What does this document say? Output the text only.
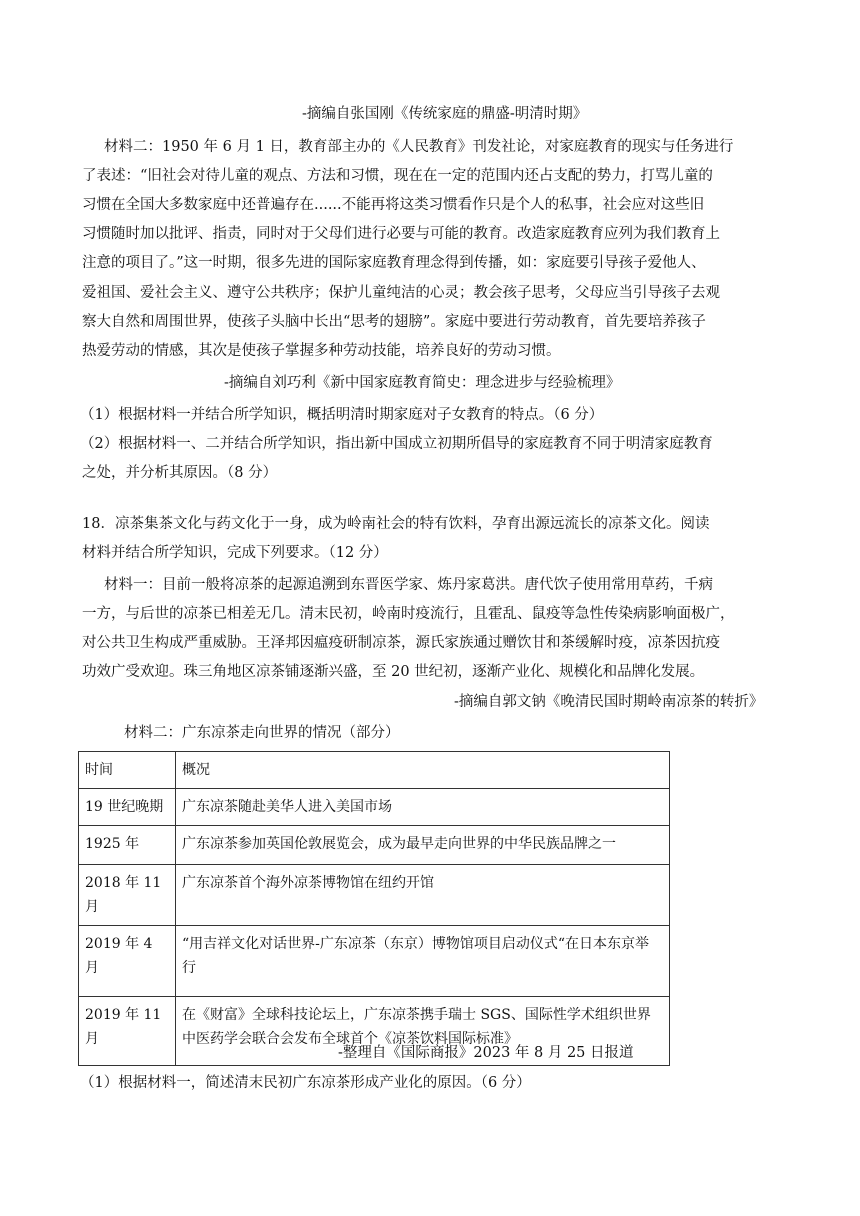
-摘编自张国刚《传统家庭的鼎盛-明清时期》
材料二：1950 年 6 月 1 日，教育部主办的《人民教育》刊发社论，对家庭教育的现实与任务进行
了表述：“旧社会对待儿童的观点、方法和习惯，现在在一定的范围内还占支配的势力，打骂儿童的
习惯在全国大多数家庭中还普遍存在......不能再将这类习惯看作只是个人的私事，社会应对这些旧
习惯随时加以批评、指责，同时对于父母们进行必要与可能的教育。改造家庭教育应列为我们教育上
注意的项目了。”这一时期，很多先进的国际家庭教育理念得到传播，如：家庭要引导孩子爱他人、
爱祖国、爱社会主义、遵守公共秩序；保护儿童纯洁的心灵；教会孩子思考，父母应当引导孩子去观
察大自然和周围世界，使孩子头脑中长出“思考的翅膀”。家庭中要进行劳动教育，首先要培养孩子
热爱劳动的情感，其次是使孩子掌握多种劳动技能，培养良好的劳动习惯。
-摘编自刘巧利《新中国家庭教育简史：理念进步与经验梳理》
（1）根据材料一并结合所学知识，概括明清时期家庭对子女教育的特点。（6 分）
（2）根据材料一、二并结合所学知识，指出新中国成立初期所倡导的家庭教育不同于明清家庭教育
之处，并分析其原因。（8 分）
18．凉茶集茶文化与药文化于一身，成为岭南社会的特有饮料，孕育出源远流长的凉茶文化。阅读
材料并结合所学知识，完成下列要求。（12 分）
材料一：目前一般将凉茶的起源追溯到东晋医学家、炼丹家葛洪。唐代饮子使用常用草药，千病
一方，与后世的凉茶已相差无几。清末民初，岭南时疫流行，且霍乱、鼠疫等急性传染病影响面极广，
对公共卫生构成严重威胁。王泽邦因瘟疫研制凉茶，源氏家族通过赠饮甘和茶缓解时疫，凉茶因抗疫
功效广受欢迎。珠三角地区凉茶铺逐渐兴盛，至 20 世纪初，逐渐产业化、规模化和品牌化发展。
-摘编自郭文钠《晚清民国时期岭南凉茶的转折》
材料二：广东凉茶走向世界的情况（部分）
时间	概况
19 世纪晚期	广东凉茶随赴美华人进入美国市场
1925 年	广东凉茶参加英国伦敦展览会，成为最早走向世界的中华民族品牌之一
2018 年 11 月	广东凉茶首个海外凉茶博物馆在纽约开馆
2019 年 4 月	“用吉祥文化对话世界-广东凉茶（东京）博物馆项目启动仪式“在日本东京举行
2019 年 11 月	在《财富》全球科技论坛上，广东凉茶携手瑞士 SGS、国际性学术组织世界中医药学会联合会发布全球首个《凉茶饮料国际标准》
-整理自《国际商报》2023 年 8 月 25 日报道
（1）根据材料一，简述清末民初广东凉茶形成产业化的原因。（6 分）
